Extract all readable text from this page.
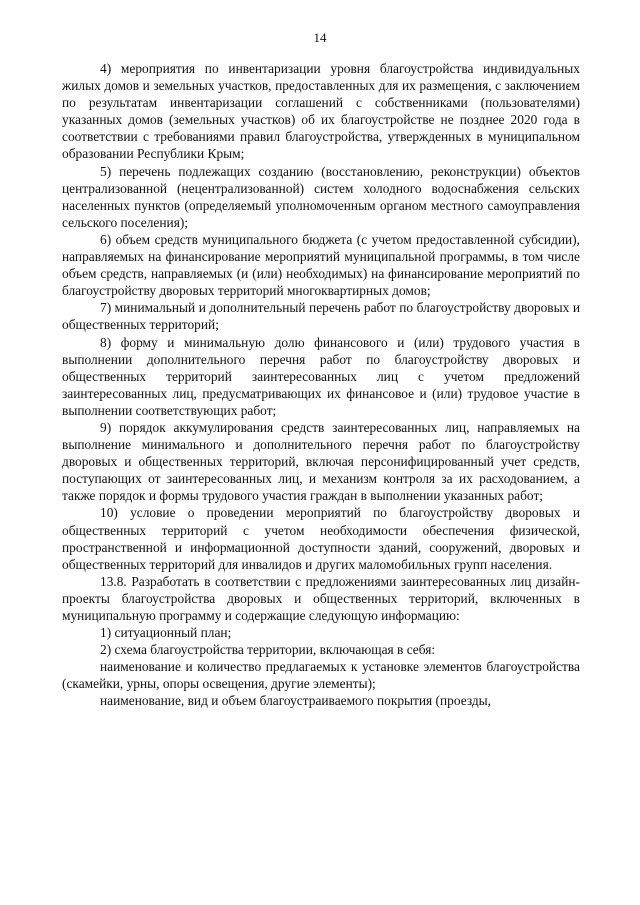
14

4) мероприятия по инвентаризации уровня благоустройства индивидуальных жилых домов и земельных участков, предоставленных для их размещения, с заключением по результатам инвентаризации соглашений с собственниками (пользователями) указанных домов (земельных участков) об их благоустройстве не позднее 2020 года в соответствии с требованиями правил благоустройства, утвержденных в муниципальном образовании Республики Крым;

5) перечень подлежащих созданию (восстановлению, реконструкции) объектов централизованной (нецентрализованной) систем холодного водоснабжения сельских населенных пунктов (определяемый уполномоченным органом местного самоуправления сельского поселения);

6) объем средств муниципального бюджета (с учетом предоставленной субсидии), направляемых на финансирование мероприятий муниципальной программы, в том числе объем средств, направляемых (и (или) необходимых) на финансирование мероприятий по благоустройству дворовых территорий многоквартирных домов;

7) минимальный и дополнительный перечень работ по благоустройству дворовых и общественных территорий;

8) форму и минимальную долю финансового и (или) трудового участия в выполнении дополнительного перечня работ по благоустройству дворовых и общественных территорий заинтересованных лиц с учетом предложений заинтересованных лиц, предусматривающих их финансовое и (или) трудовое участие в выполнении соответствующих работ;

9) порядок аккумулирования средств заинтересованных лиц, направляемых на выполнение минимального и дополнительного перечня работ по благоустройству дворовых и общественных территорий, включая персонифицированный учет средств, поступающих от заинтересованных лиц, и механизм контроля за их расходованием, а также порядок и формы трудового участия граждан в выполнении указанных работ;

10) условие о проведении мероприятий по благоустройству дворовых и общественных территорий с учетом необходимости обеспечения физической, пространственной и информационной доступности зданий, сооружений, дворовых и общественных территорий для инвалидов и других маломобильных групп населения.

13.8. Разработать в соответствии с предложениями заинтересованных лиц дизайн-проекты благоустройства дворовых и общественных территорий, включенных в муниципальную программу и содержащие следующую информацию:

1) ситуационный план;

2) схема благоустройства территории, включающая в себя:

наименование и количество предлагаемых к установке элементов благоустройства (скамейки, урны, опоры освещения, другие элементы);

наименование, вид и объем благоустраиваемого покрытия (проезды,
